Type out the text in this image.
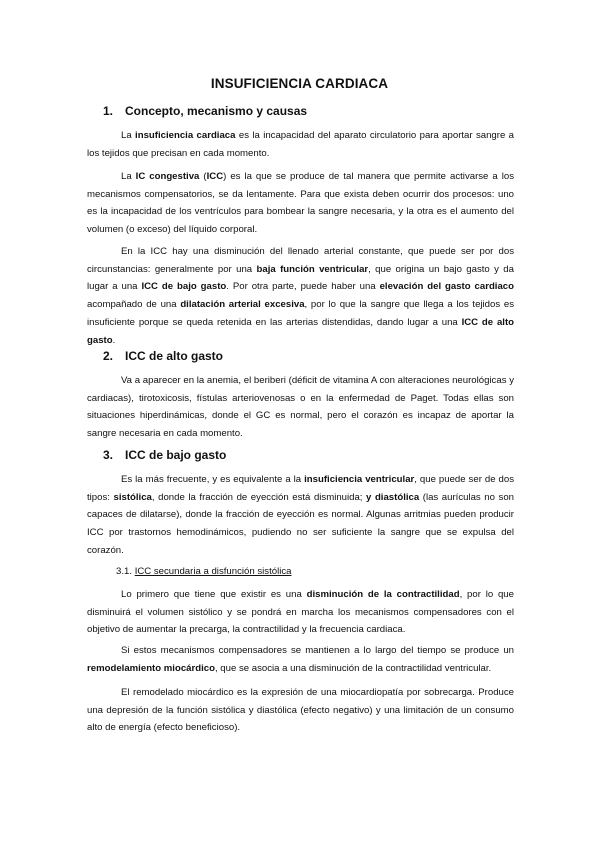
INSUFICIENCIA CARDIACA
1. Concepto, mecanismo y causas

La insuficiencia cardiaca es la incapacidad del aparato circulatorio para aportar sangre a los tejidos que precisan en cada momento.

La IC congestiva (ICC) es la que se produce de tal manera que permite activarse a los mecanismos compensatorios, se da lentamente. Para que exista deben ocurrir dos procesos: uno es la incapacidad de los ventrículos para bombear la sangre necesaria, y la otra es el aumento del volumen (o exceso) del líquido corporal.

En la ICC hay una disminución del llenado arterial constante, que puede ser por dos circunstancias: generalmente por una baja función ventricular, que origina un bajo gasto y da lugar a una ICC de bajo gasto. Por otra parte, puede haber una elevación del gasto cardiaco acompañado de una dilatación arterial excesiva, por lo que la sangre que llega a los tejidos es insuficiente porque se queda retenida en las arterias distendidas, dando lugar a una ICC de alto gasto.

2. ICC de alto gasto

Va a aparecer en la anemia, el beriberi (déficit de vitamina A con alteraciones neurológicas y cardiacas), tirotoxicosis, fístulas arteriovenosas o en la enfermedad de Paget. Todas ellas son situaciones hiperdinámicas, donde el GC es normal, pero el corazón es incapaz de aportar la sangre necesaria en cada momento.

3. ICC de bajo gasto

Es la más frecuente, y es equivalente a la insuficiencia ventricular, que puede ser de dos tipos: sistólica, donde la fracción de eyección está disminuida; y diastólica (las aurículas no son capaces de dilatarse), donde la fracción de eyección es normal. Algunas arritmias pueden producir ICC por trastornos hemodinámicos, pudiendo no ser suficiente la sangre que se expulsa del corazón.

3.1. ICC secundaria a disfunción sistólica

Lo primero que tiene que existir es una disminución de la contractilidad, por lo que disminuirá el volumen sistólico y se pondrá en marcha los mecanismos compensadores con el objetivo de aumentar la precarga, la contractilidad y la frecuencia cardiaca.

Si estos mecanismos compensadores se mantienen a lo largo del tiempo se produce un remodelamiento miocárdico, que se asocia a una disminución de la contractilidad ventricular.

El remodelado miocárdico es la expresión de una miocardiopatía por sobrecarga. Produce una depresión de la función sistólica y diastólica (efecto negativo) y una limitación de un consumo alto de energía (efecto beneficioso).
